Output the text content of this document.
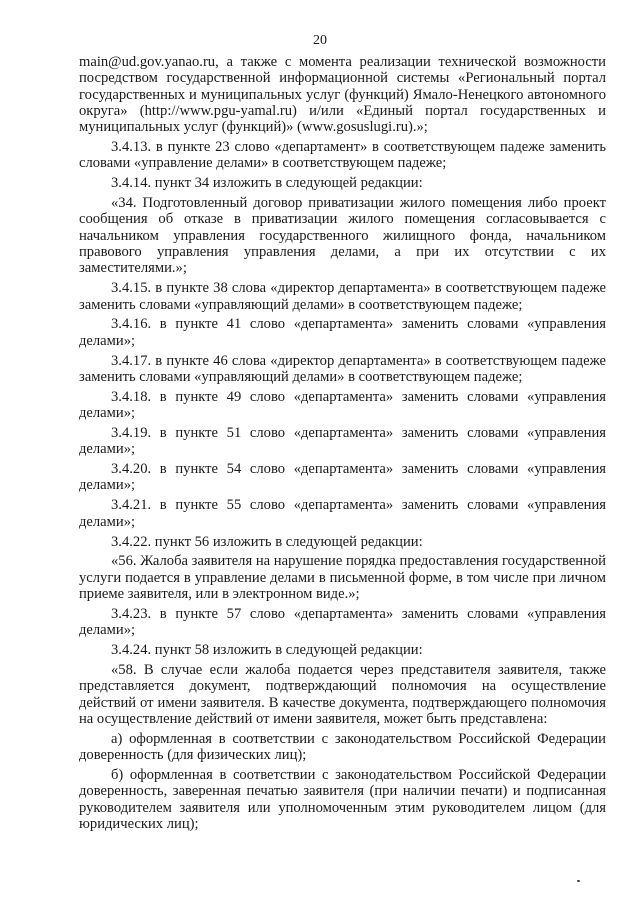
20

main@ud.gov.yanao.ru, а также с момента реализации технической возможности посредством государственной информационной системы «Региональный портал государственных и муниципальных услуг (функций) Ямало-Ненецкого автономного округа» (http://www.pgu-yamal.ru) и/или «Единый портал государственных и муниципальных услуг (функций)» (www.gosuslugi.ru).»;

3.4.13. в пункте 23 слово «департамент» в соответствующем падеже заменить словами «управление делами» в соответствующем падеже;

3.4.14. пункт 34 изложить в следующей редакции:

«34. Подготовленный договор приватизации жилого помещения либо проект сообщения об отказе в приватизации жилого помещения согласовывается с начальником управления государственного жилищного фонда, начальником правового управления управления делами, а при их отсутствии с их заместителями.»;

3.4.15. в пункте 38 слова «директор департамента» в соответствующем падеже заменить словами «управляющий делами» в соответствующем падеже;

3.4.16. в пункте 41 слово «департамента» заменить словами «управления делами»;

3.4.17. в пункте 46 слова «директор департамента» в соответствующем падеже заменить словами «управляющий делами» в соответствующем падеже;

3.4.18. в пункте 49 слово «департамента» заменить словами «управления делами»;

3.4.19. в пункте 51 слово «департамента» заменить словами «управления делами»;

3.4.20. в пункте 54 слово «департамента» заменить словами «управления делами»;

3.4.21. в пункте 55 слово «департамента» заменить словами «управления делами»;

3.4.22. пункт 56 изложить в следующей редакции:

«56. Жалоба заявителя на нарушение порядка предоставления государственной услуги подается в управление делами в письменной форме, в том числе при личном приеме заявителя, или в электронном виде.»;

3.4.23. в пункте 57 слово «департамента» заменить словами «управления делами»;

3.4.24. пункт 58 изложить в следующей редакции:

«58. В случае если жалоба подается через представителя заявителя, также представляется документ, подтверждающий полномочия на осуществление действий от имени заявителя. В качестве документа, подтверждающего полномочия на осуществление действий от имени заявителя, может быть представлена:

а) оформленная в соответствии с законодательством Российской Федерации доверенность (для физических лиц);

б) оформленная в соответствии с законодательством Российской Федерации доверенность, заверенная печатью заявителя (при наличии печати) и подписанная руководителем заявителя или уполномоченным этим руководителем лицом (для юридических лиц);
